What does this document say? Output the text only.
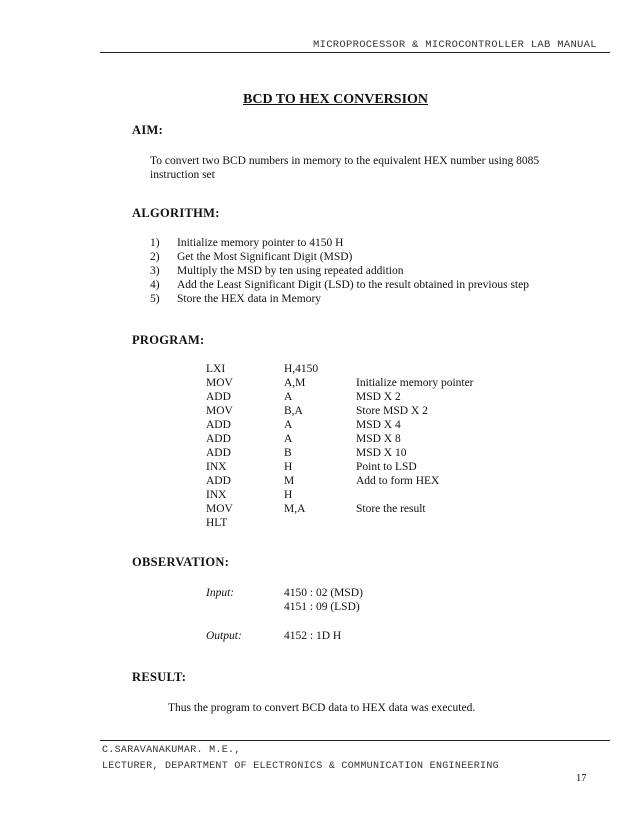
MICROPROCESSOR & MICROCONTROLLER LAB MANUAL
BCD TO HEX CONVERSION
AIM:
To convert two BCD numbers in memory to the equivalent HEX number using 8085
instruction set
ALGORITHM:
1) Initialize memory pointer to 4150 H
2) Get the Most Significant Digit (MSD)
3) Multiply the MSD by ten using repeated addition
4) Add the Least Significant Digit (LSD) to the result obtained in previous step
5) Store the HEX data in Memory
PROGRAM:
LXI	H,4150
MOV	A,M	Initialize memory pointer
ADD	A	MSD X 2
MOV	B,A	Store MSD X 2
ADD	A	MSD X 4
ADD	A	MSD X 8
ADD	B	MSD X 10
INX	H	Point to LSD
ADD	M	Add to form HEX
INX	H
MOV	M,A	Store the result
HLT
OBSERVATION:
Input:	4150 : 02 (MSD)
4151 : 09 (LSD)
Output:	4152 : 1D H
RESULT:
Thus the program to convert BCD data to HEX data was executed.
C.SARAVANAKUMAR. M.E.,
LECTURER, DEPARTMENT OF ELECTRONICS & COMMUNICATION ENGINEERING
17
